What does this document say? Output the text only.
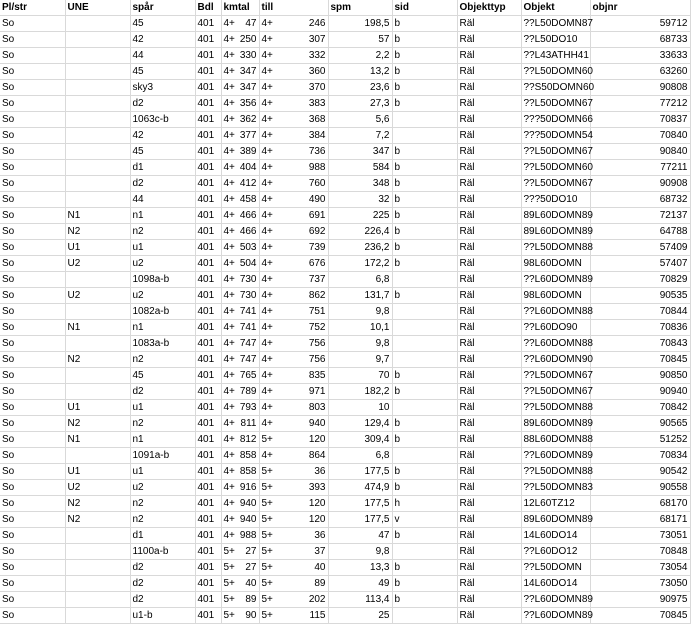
Pl/str	UNE	spår	Bdl	kmtal	till	spm	sid	Objekttyp	Objekt	objnr
So		45	401	4+ 47	4+ 246	198,5	b	Räl	??L50DOMN87	59712
So		42	401	4+ 250	4+ 307	57	b	Räl	??L50DO10	68733
So		44	401	4+ 330	4+ 332	2,2	b	Räl	??L43ATHH41	33633
So		45	401	4+ 347	4+ 360	13,2	b	Räl	??L50DOMN60	63260
So		sky3	401	4+ 347	4+ 370	23,6	b	Räl	??S50DOMN60	90808
So		d2	401	4+ 356	4+ 383	27,3	b	Räl	??L50DOMN67	77212
So		1063c-b	401	4+ 362	4+ 368	5,6		Räl	???50DOMN66	70837
So		42	401	4+ 377	4+ 384	7,2		Räl	???50DOMN54	70840
So		45	401	4+ 389	4+ 736	347	b	Räl	??L50DOMN67	90840
So		d1	401	4+ 404	4+ 988	584	b	Räl	??L50DOMN60	77211
So		d2	401	4+ 412	4+ 760	348	b	Räl	??L50DOMN67	90908
So		44	401	4+ 458	4+ 490	32	b	Räl	???50DO10	68732
So	N1	n1	401	4+ 466	4+ 691	225	b	Räl	89L60DOMN89	72137
So	N2	n2	401	4+ 466	4+ 692	226,4	b	Räl	89L60DOMN89	64788
So	U1	u1	401	4+ 503	4+ 739	236,2	b	Räl	??L50DOMN88	57409
So	U2	u2	401	4+ 504	4+ 676	172,2	b	Räl	98L60DOMN	57407
So		1098a-b	401	4+ 730	4+ 737	6,8		Räl	??L60DOMN89	70829
So	U2	u2	401	4+ 730	4+ 862	131,7	b	Räl	98L60DOMN	90535
So		1082a-b	401	4+ 741	4+ 751	9,8		Räl	??L60DOMN88	70844
So	N1	n1	401	4+ 741	4+ 752	10,1		Räl	??L60DO90	70836
So		1083a-b	401	4+ 747	4+ 756	9,8		Räl	??L60DOMN88	70843
So	N2	n2	401	4+ 747	4+ 756	9,7		Räl	??L60DOMN90	70845
So		45	401	4+ 765	4+ 835	70	b	Räl	??L50DOMN67	90850
So		d2	401	4+ 789	4+ 971	182,2	b	Räl	??L50DOMN67	90940
So	U1	u1	401	4+ 793	4+ 803	10		Räl	??L50DOMN88	70842
So	N2	n2	401	4+ 811	4+ 940	129,4	b	Räl	89L60DOMN89	90565
So	N1	n1	401	4+ 812	5+ 120	309,4	b	Räl	88L60DOMN88	51252
So		1091a-b	401	4+ 858	4+ 864	6,8		Räl	??L60DOMN89	70834
So	U1	u1	401	4+ 858	5+ 36	177,5	b	Räl	??L50DOMN88	90542
So	U2	u2	401	4+ 916	5+ 393	474,9	b	Räl	??L50DOMN83	90558
So	N2	n2	401	4+ 940	5+ 120	177,5	h	Räl	12L60TZ12	68170
So	N2	n2	401	4+ 940	5+ 120	177,5	v	Räl	89L60DOMN89	68171
So		d1	401	4+ 988	5+ 36	47	b	Räl	14L60DO14	73051
So		1100a-b	401	5+ 27	5+ 37	9,8		Räl	??L60DO12	70848
So		d2	401	5+ 27	5+ 40	13,3	b	Räl	??L50DOMN	73054
So		d2	401	5+ 40	5+ 89	49	b	Räl	14L60DO14	73050
So		d2	401	5+ 89	5+ 202	113,4	b	Räl	??L60DOMN89	90975
So		u1-b	401	5+ 90	5+ 115	25		Räl	??L60DOMN89	70845
